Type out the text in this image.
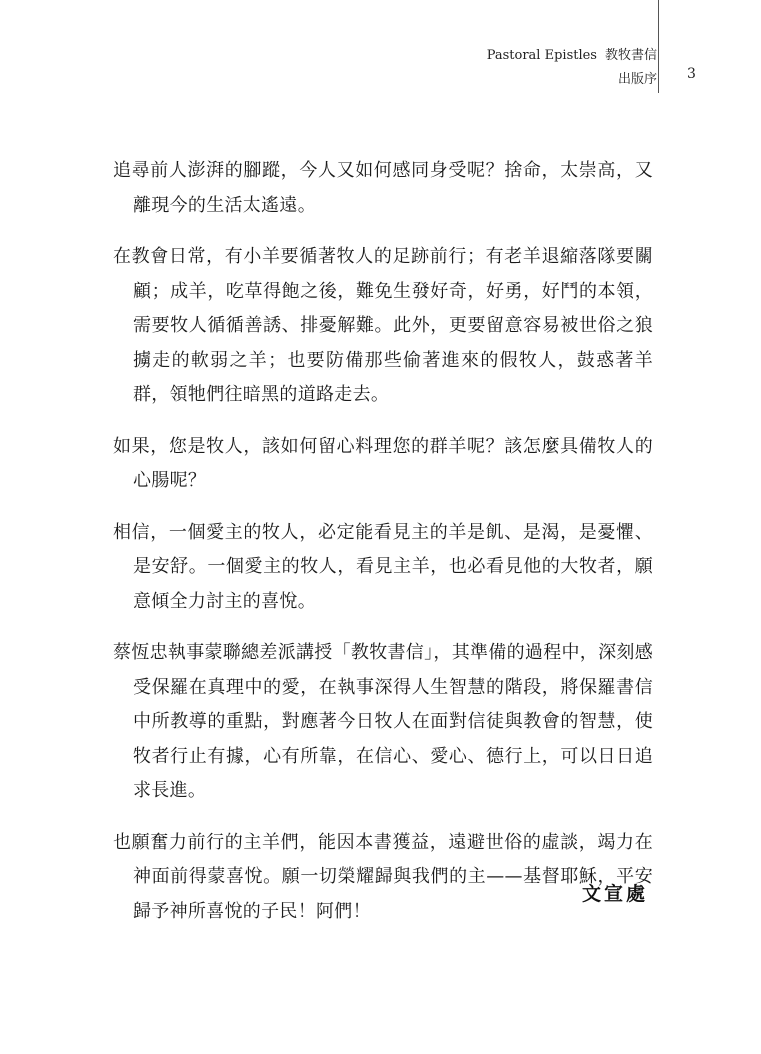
Pastoral Epistles 教牧書信
出版序 3

追尋前人澎湃的腳蹤，今人又如何感同身受呢？捨命，太崇高，又離現今的生活太遙遠。

在教會日常，有小羊要循著牧人的足跡前行；有老羊退縮落隊要關顧；成羊，吃草得飽之後，難免生發好奇，好勇，好鬥的本領，需要牧人循循善誘、排憂解難。此外，更要留意容易被世俗之狼擄走的軟弱之羊；也要防備那些偷著進來的假牧人，鼓惑著羊群，領牠們往暗黑的道路走去。

如果，您是牧人，該如何留心料理您的群羊呢？該怎麼具備牧人的心腸呢？

相信，一個愛主的牧人，必定能看見主的羊是飢、是渴，是憂懼、是安舒。一個愛主的牧人，看見主羊，也必看見他的大牧者，願意傾全力討主的喜悅。

蔡恆忠執事蒙聯總差派講授「教牧書信」，其準備的過程中，深刻感受保羅在真理中的愛，在執事深得人生智慧的階段，將保羅書信中所教導的重點，對應著今日牧人在面對信徒與教會的智慧，使牧者行止有據，心有所靠，在信心、愛心、德行上，可以日日追求長進。

也願奮力前行的主羊們，能因本書獲益，遠避世俗的虛談，竭力在神面前得蒙喜悅。願一切榮耀歸與我們的主——基督耶穌，平安歸予神所喜悅的子民！阿們！

文宣處
